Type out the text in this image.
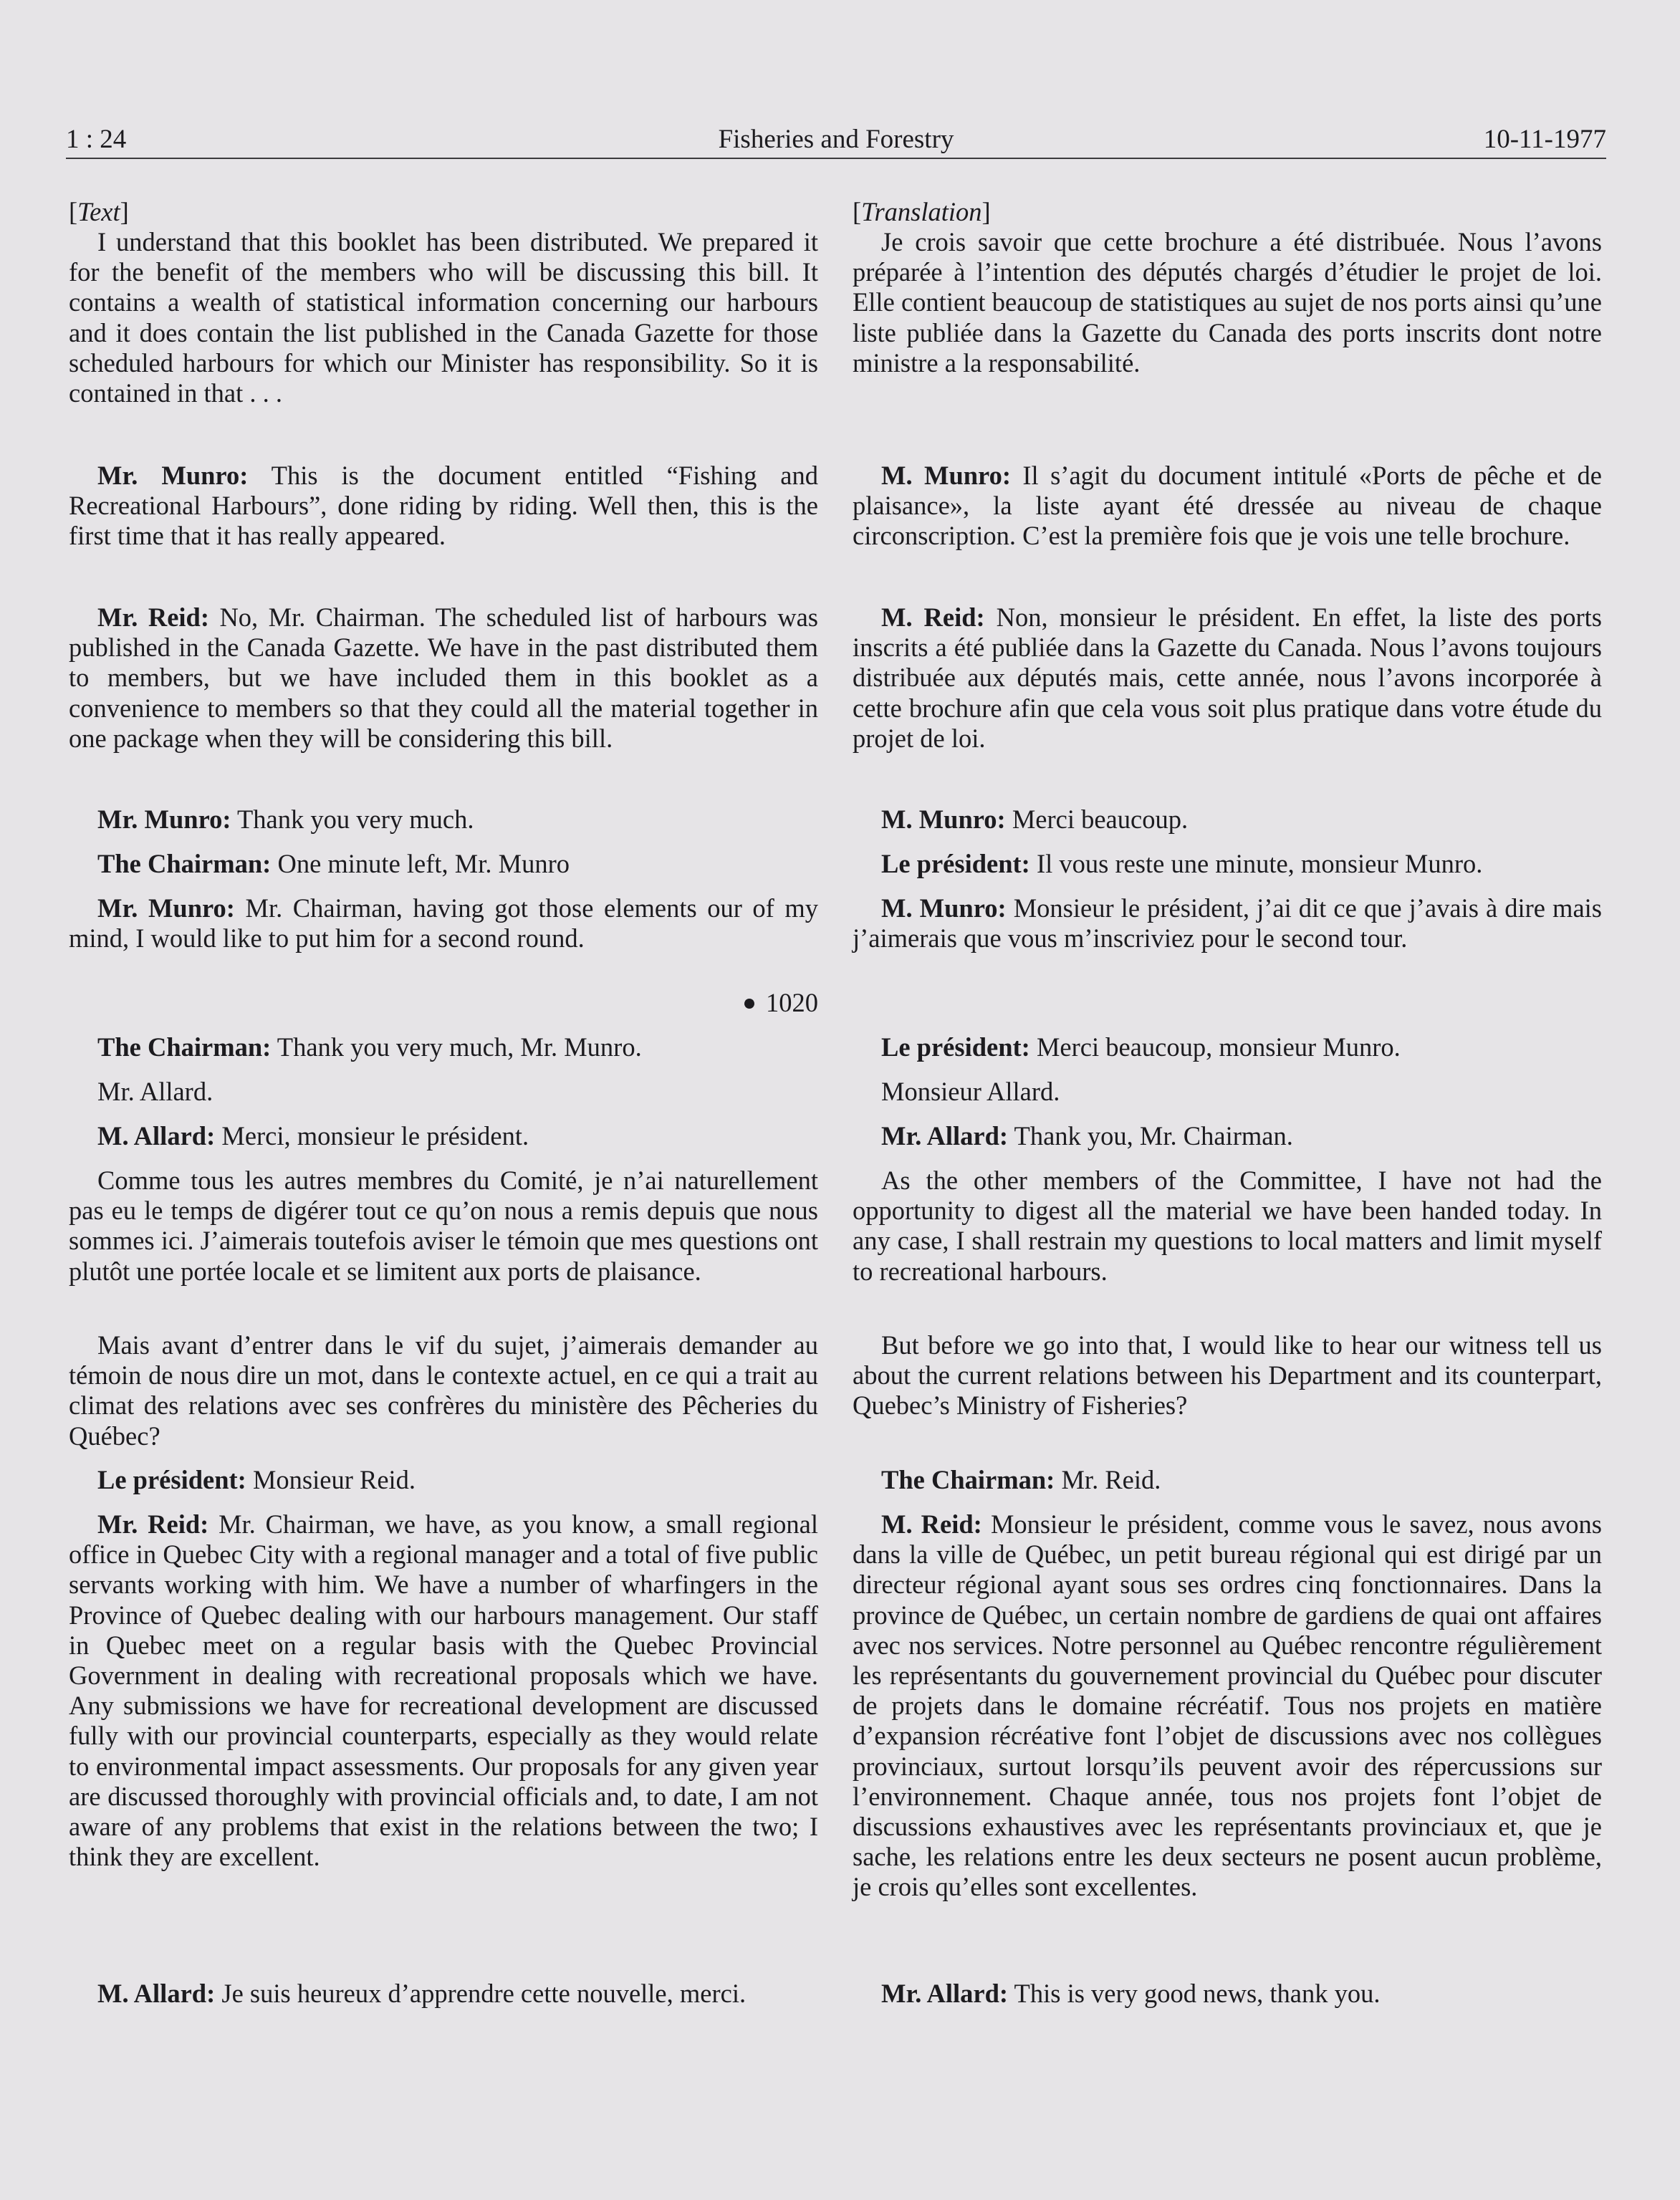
1 : 24	Fisheries and Forestry	10-11-1977

[Text]

I understand that this booklet has been distributed. We prepared it for the benefit of the members who will be discussing this bill. It contains a wealth of statistical information concerning our harbours and it does contain the list published in the Canada Gazette for those scheduled harbours for which our Minister has responsibility. So it is contained in that . . .

Mr. Munro: This is the document entitled “Fishing and Recreational Harbours”, done riding by riding. Well then, this is the first time that it has really appeared.

Mr. Reid: No, Mr. Chairman. The scheduled list of harbours was published in the Canada Gazette. We have in the past distributed them to members, but we have included them in this booklet as a convenience to members so that they could all the material together in one package when they will be considering this bill.

Mr. Munro: Thank you very much.

The Chairman: One minute left, Mr. Munro

Mr. Munro: Mr. Chairman, having got those elements our of my mind, I would like to put him for a second round.

1020

The Chairman: Thank you very much, Mr. Munro.

Mr. Allard.

M. Allard: Merci, monsieur le président.

Comme tous les autres membres du Comité, je n’ai naturellement pas eu le temps de digérer tout ce qu’on nous a remis depuis que nous sommes ici. J’aimerais toutefois aviser le témoin que mes questions ont plutôt une portée locale et se limitent aux ports de plaisance.

Mais avant d’entrer dans le vif du sujet, j’aimerais demander au témoin de nous dire un mot, dans le contexte actuel, en ce qui a trait au climat des relations avec ses confrères du ministère des Pêcheries du Québec?

Le président: Monsieur Reid.

Mr. Reid: Mr. Chairman, we have, as you know, a small regional office in Quebec City with a regional manager and a total of five public servants working with him. We have a number of wharfingers in the Province of Quebec dealing with our harbours management. Our staff in Quebec meet on a regular basis with the Quebec Provincial Government in dealing with recreational proposals which we have. Any submissions we have for recreational development are discussed fully with our provincial counterparts, especially as they would relate to environmental impact assessments. Our proposals for any given year are discussed thoroughly with provincial officials and, to date, I am not aware of any problems that exist in the relations between the two; I think they are excellent.

M. Allard: Je suis heureux d’apprendre cette nouvelle, merci.

[Translation]

Je crois savoir que cette brochure a été distribuée. Nous l’avons préparée à l’intention des députés chargés d’étudier le projet de loi. Elle contient beaucoup de statistiques au sujet de nos ports ainsi qu’une liste publiée dans la Gazette du Canada des ports inscrits dont notre ministre a la responsabilité.

M. Munro: Il s’agit du document intitulé «Ports de pêche et de plaisance», la liste ayant été dressée au niveau de chaque circonscription. C’est la première fois que je vois une telle brochure.

M. Reid: Non, monsieur le président. En effet, la liste des ports inscrits a été publiée dans la Gazette du Canada. Nous l’avons toujours distribuée aux députés mais, cette année, nous l’avons incorporée à cette brochure afin que cela vous soit plus pratique dans votre étude du projet de loi.

M. Munro: Merci beaucoup.

Le président: Il vous reste une minute, monsieur Munro.

M. Munro: Monsieur le président, j’ai dit ce que j’avais à dire mais j’aimerais que vous m’inscriviez pour le second tour.

Le président: Merci beaucoup, monsieur Munro.

Monsieur Allard.

Mr. Allard: Thank you, Mr. Chairman.

As the other members of the Committee, I have not had the opportunity to digest all the material we have been handed today. In any case, I shall restrain my questions to local matters and limit myself to recreational harbours.

But before we go into that, I would like to hear our witness tell us about the current relations between his Department and its counterpart, Quebec’s Ministry of Fisheries?

The Chairman: Mr. Reid.

M. Reid: Monsieur le président, comme vous le savez, nous avons dans la ville de Québec, un petit bureau régional qui est dirigé par un directeur régional ayant sous ses ordres cinq fonctionnaires. Dans la province de Québec, un certain nombre de gardiens de quai ont affaires avec nos services. Notre personnel au Québec rencontre régulièrement les représentants du gouvernement provincial du Québec pour discuter de projets dans le domaine récréatif. Tous nos projets en matière d’expansion récréative font l’objet de discussions avec nos collègues provinciaux, surtout lorsqu’ils peuvent avoir des répercussions sur l’environnement. Chaque année, tous nos projets font l’objet de discussions exhaustives avec les représentants provinciaux et, que je sache, les relations entre les deux secteurs ne posent aucun problème, je crois qu’elles sont excellentes.

Mr. Allard: This is very good news, thank you.
